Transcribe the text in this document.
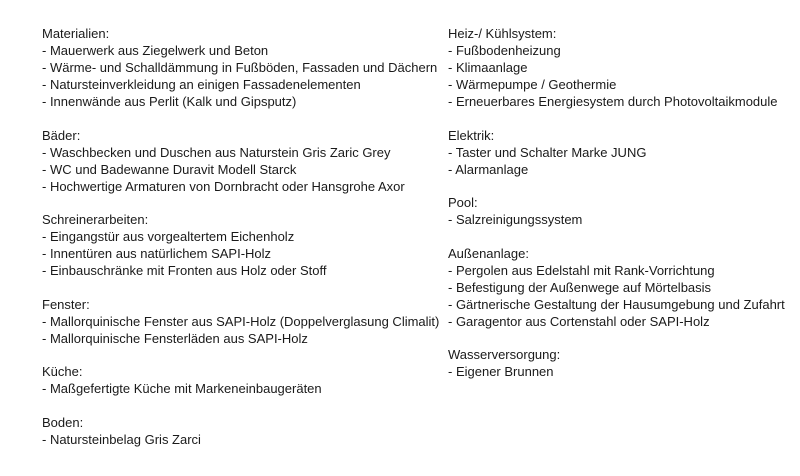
Materialien:

- Mauerwerk aus Ziegelwerk und Beton

- Wärme- und Schalldämmung in Fußböden, Fassaden und Dächern

- Natursteinverkleidung an einigen Fassadenelementen

- Innenwände aus Perlit (Kalk und Gipsputz)

Bäder:

- Waschbecken und Duschen aus Naturstein Gris Zaric Grey

- WC und Badewanne Duravit Modell Starck

- Hochwertige Armaturen von Dornbracht oder Hansgrohe Axor

Schreinerarbeiten:

- Eingangstür aus vorgealtertem Eichenholz

- Innentüren aus natürlichem SAPI-Holz

- Einbauschränke mit Fronten aus Holz oder Stoff

Fenster:

- Mallorquinische Fenster aus SAPI-Holz (Doppelverglasung Climalit)

- Mallorquinische Fensterläden aus SAPI-Holz

Küche:

- Maßgefertigte Küche mit Markeneinbaugeräten

Boden:

- Natursteinbelag Gris Zarci

Heiz-/ Kühlsystem:

- Fußbodenheizung

- Klimaanlage

- Wärmepumpe / Geothermie

- Erneuerbares Energiesystem durch Photovoltaikmodule

Elektrik:

- Taster und Schalter Marke JUNG

- Alarmanlage

Pool:

- Salzreinigungssystem

Außenanlage:

- Pergolen aus Edelstahl mit Rank-Vorrichtung

- Befestigung der Außenwege auf Mörtelbasis

- Gärtnerische Gestaltung der Hausumgebung und Zufahrt

- Garagentor aus Cortenstahl oder SAPI-Holz

Wasserversorgung:

- Eigener Brunnen
